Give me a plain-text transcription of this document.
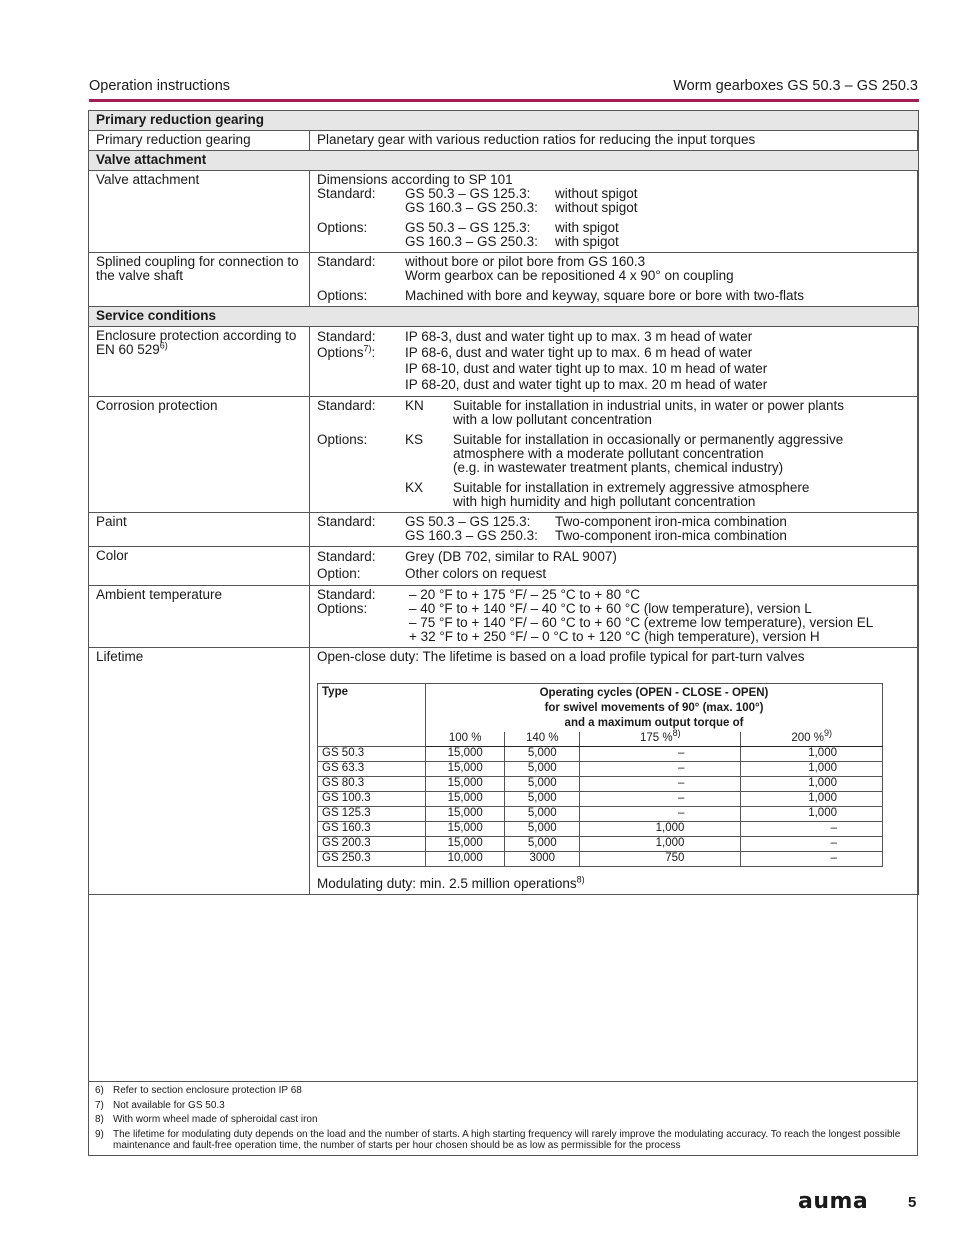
Operation instructions	Worm gearboxes GS 50.3 – GS 250.3
Primary reduction gearing
Primary reduction gearing	Planetary gear with various reduction ratios for reducing the input torques
Valve attachment
Valve attachment	Dimensions according to SP 101
Standard:	GS 50.3 – GS 125.3:	without spigot
GS 160.3 – GS 250.3:	without spigot
Options:	GS 50.3 – GS 125.3:	with spigot
GS 160.3 – GS 250.3:	with spigot

Splined coupling for connection to the valve shaft	
Standard:	without bore or pilot bore from GS 160.3
Worm gearbox can be repositioned 4 x 90° on coupling
Options:	Machined with bore and keyway, square bore or bore with two-flats

Service conditions
Enclosure protection according to EN 60 529$^{6)}$	
Standard:	IP 68-3, dust and water tight up to max. 3 m head of water
Options$^{7)}$:	IP 68-6, dust and water tight up to max. 6 m head of water
IP 68-10, dust and water tight up to max. 10 m head of water
IP 68-20, dust and water tight up to max. 20 m head of water

Corrosion protection	Standard:	KN	Suitable for installation in industrial units, in water or power plants
with a low pollutant concentration
Options:	KS	Suitable for installation in occasionally or permanently aggressive
atmosphere with a moderate pollutant concentration
(e.g. in wastewater treatment plants, chemical industry)
KX	Suitable for installation in extremely aggressive atmosphere
with high humidity and high pollutant concentration

Paint	Standard:	GS 50.3 – GS 125.3:	Two-component iron-mica combination
GS 160.3 – GS 250.3:	Two-component iron-mica combination

Color	Standard:	Grey (DB 702, similar to RAL 9007)
Option:	Other colors on request

Ambient temperature	Standard:	– 20 °F to + 175 °F/ – 25 °C to + 80 °C
Options:	– 40 °F to + 140 °F/ – 40 °C to + 60 °C (low temperature), version L
– 75 °F to + 140 °F/ – 60 °C to + 60 °C (extreme low temperature), version EL
+ 32 °F to + 250 °F/ – 0 °C to + 120 °C (high temperature), version H

Lifetime	Open-close duty: The lifetime is based on a load profile typical for part-turn valves
Type	Operating cycles (OPEN - CLOSE - OPEN)
for swivel movements of 90° (max. 100°)
and a maximum output torque of

100 %	140 %	175 %$^{8)}$	200 %$^{9)}$
GS 50.3	15,000	5,000	–	1,000
GS 63.3	15,000	5,000	–	1,000
GS 80.3	15,000	5,000	–	1,000
GS 100.3	15,000	5,000	–	1,000
GS 125.3	15,000	5,000	–	1,000
GS 160.3	15,000	5,000	1,000	–
GS 200.3	15,000	5,000	1,000	–
GS 250.3	10,000	3000	750	–
Modulating duty: min. 2.5 million operations$^{8)}$
6) Refer to section enclosure protection IP 68
7) Not available for GS 50.3
8) With worm wheel made of spheroidal cast iron
9) The lifetime for modulating duty depends on the load and the number of starts. A high starting frequency will rarely improve the modulating accuracy. To reach the longest possible maintenance and fault-free operation time, the number of starts per hour chosen should be as low as permissible for the process
auma	5
